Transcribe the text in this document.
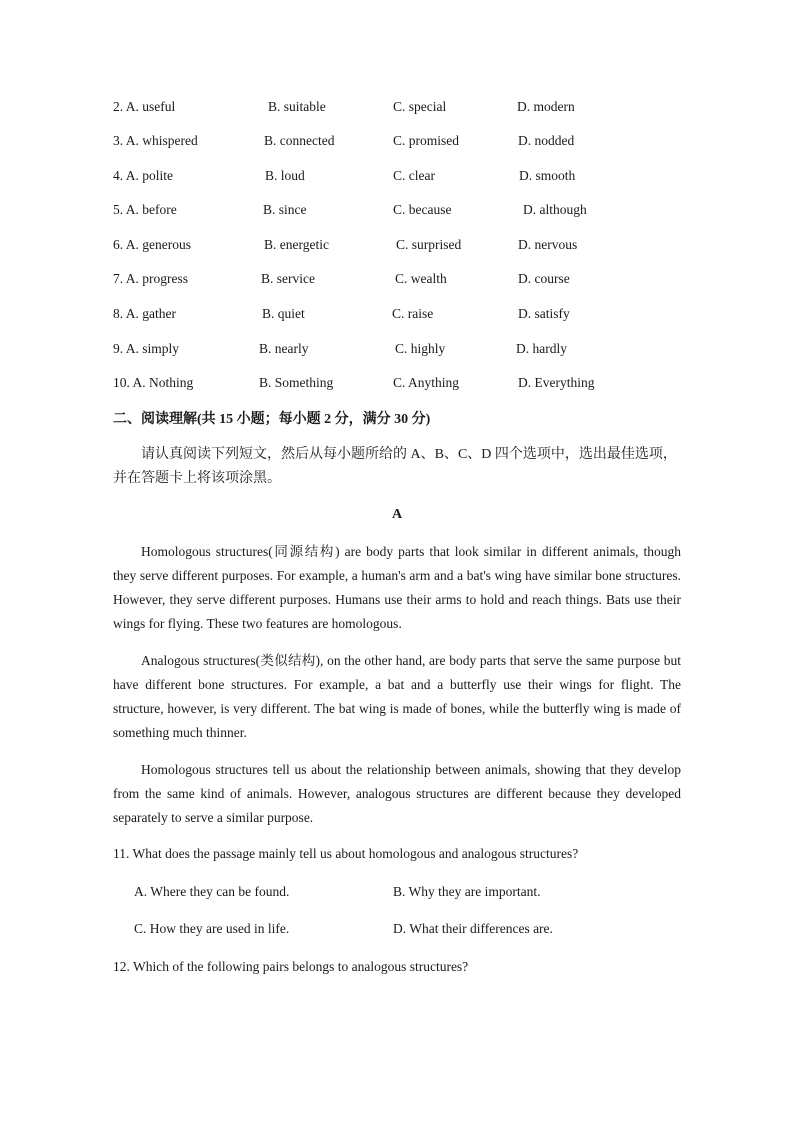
2. A. useful	B. suitable	C. special	D. modern
3. A. whispered	B. connected	C. promised	D. nodded
4. A. polite	B. loud	C. clear	D. smooth
5. A. before	B. since	C. because	D. although
6. A. generous	B. energetic	C. surprised	D. nervous
7. A. progress	B. service	C. wealth	D. course
8. A. gather	B. quiet	C. raise	D. satisfy
9. A. simply	B. nearly	C. highly	D. hardly
10. A. Nothing	B. Something	C. Anything	D. Everything
二、阅读理解(共 15 小题；每小题 2 分，满分 30 分)
请认真阅读下列短文，然后从每小题所给的 A、B、C、D 四个选项中，选出最佳选项，
并在答题卡上将该项涂黑。
A

Homologous structures(同源结构) are body parts that look similar in different animals, though they serve different purposes. For example, a human's arm and a bat's wing have similar bone structures. However, they serve different purposes. Humans use their arms to hold and reach things. Bats use their wings for flying. These two features are homologous.

Analogous structures(类似结构), on the other hand, are body parts that serve the same purpose but have different bone structures. For example, a bat and a butterfly use their wings for flight. The structure, however, is very different. The bat wing is made of bones, while the butterfly wing is made of something much thinner.

Homologous structures tell us about the relationship between animals, showing that they develop from the same kind of animals. However, analogous structures are different because they developed separately to serve a similar purpose.

11. What does the passage mainly tell us about homologous and analogous structures?
A. Where they can be found.	B. Why they are important.
C. How they are used in life.	D. What their differences are.
12. Which of the following pairs belongs to analogous structures?
